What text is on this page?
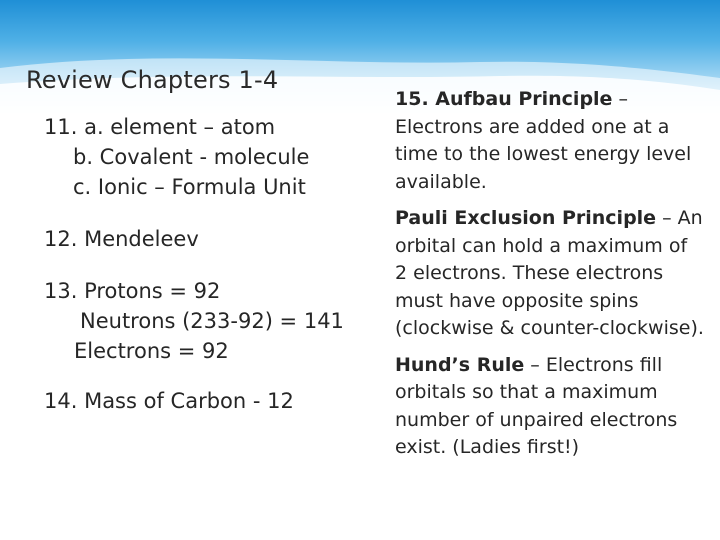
Review Chapters 1-4
11. a. element – atom
b. Covalent - molecule
c. Ionic – Formula Unit
12. Mendeleev
13. Protons = 92
Neutrons (233-92) = 141
Electrons = 92
14. Mass of Carbon - 12

15. Aufbau Principle – Electrons are added one at a time to the lowest energy level available.

Pauli Exclusion Principle – An orbital can hold a maximum of 2 electrons. These electrons must have opposite spins (clockwise & counter-clockwise).

Hund’s Rule – Electrons fill orbitals so that a maximum number of unpaired electrons exist. (Ladies first!)
